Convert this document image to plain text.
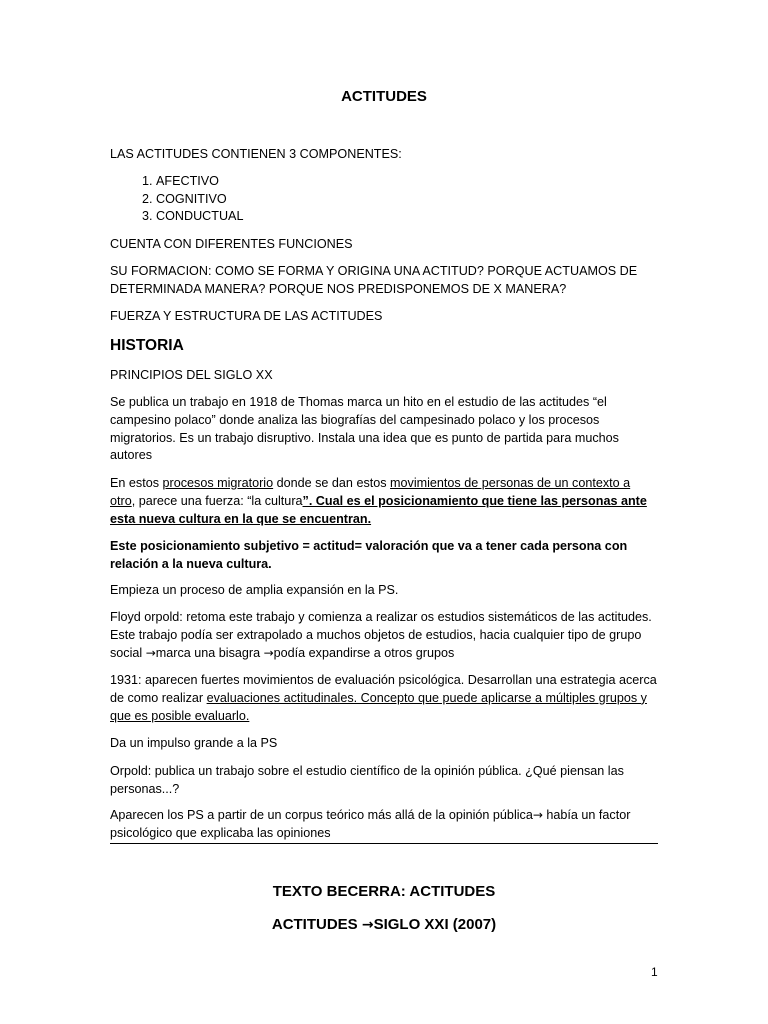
ACTITUDES

LAS ACTITUDES CONTIENEN 3 COMPONENTES:

1. AFECTIVO
2. COGNITIVO
3. CONDUCTUAL

CUENTA CON DIFERENTES FUNCIONES

SU FORMACION: COMO SE FORMA Y ORIGINA UNA ACTITUD? PORQUE ACTUAMOS DE DETERMINADA MANERA? PORQUE NOS PREDISPONEMOS DE X MANERA?

FUERZA Y ESTRUCTURA DE LAS ACTITUDES

HISTORIA

PRINCIPIOS DEL SIGLO XX

Se publica un trabajo en 1918 de Thomas marca un hito en el estudio de las actitudes “el campesino polaco” donde analiza las biografías del campesinado polaco y los procesos migratorios. Es un trabajo disruptivo. Instala una idea que es punto de partida para muchos autores

En estos procesos migratorio donde se dan estos movimientos de personas de un contexto a otro, parece una fuerza: “la cultura”. Cual es el posicionamiento que tiene las personas ante esta nueva cultura en la que se encuentran.

Este posicionamiento subjetivo = actitud= valoración que va a tener cada persona con relación a la nueva cultura.

Empieza un proceso de amplia expansión en la PS.

Floyd orpold: retoma este trabajo y comienza a realizar os estudios sistemáticos de las actitudes. Este trabajo podía ser extrapolado a muchos objetos de estudios, hacia cualquier tipo de grupo social →marca una bisagra →podía expandirse a otros grupos

1931: aparecen fuertes movimientos de evaluación psicológica. Desarrollan una estrategia acerca de como realizar evaluaciones actitudinales. Concepto que puede aplicarse a múltiples grupos y que es posible evaluarlo.

Da un impulso grande a la PS

Orpold: publica un trabajo sobre el estudio científico de la opinión pública. ¿Qué piensan las personas...?

Aparecen los PS a partir de un corpus teórico más allá de la opinión pública→ había un factor psicológico que explicaba las opiniones

TEXTO BECERRA: ACTITUDES
ACTITUDES →SIGLO XXI (2007)
1
